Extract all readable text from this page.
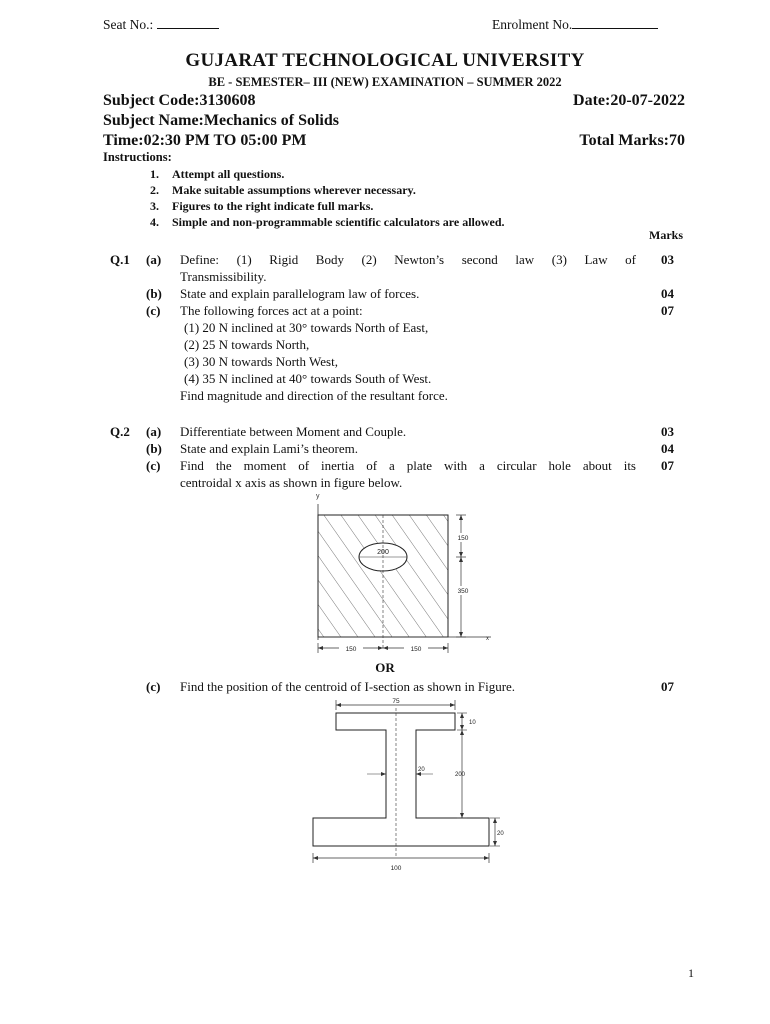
Seat No.:	Enrolment No.
GUJARAT TECHNOLOGICAL UNIVERSITY
BE - SEMESTER– III (NEW) EXAMINATION – SUMMER 2022
Subject Code:3130608	Date:20-07-2022
Subject Name:Mechanics of Solids
Time:02:30 PM TO 05:00 PM	Total Marks:70
Instructions:
1. Attempt all questions.
2. Make suitable assumptions wherever necessary.
3. Figures to the right indicate full marks.
4. Simple and non-programmable scientific calculators are allowed.
Marks
Q.1 (a) Define: (1) Rigid Body (2) Newton’s second law (3) Law of
Transmissibility.
03
(b) State and explain parallelogram law of forces.	04
(c) The following forces act at a point:	07
(1) 20 N inclined at 30° towards North of East,
(2) 25 N towards North,
(3) 30 N towards North West,
(4) 35 N inclined at 40° towards South of West.
Find magnitude and direction of the resultant force.
Q.2 (a) Differentiate between Moment and Couple.	03
(b) State and explain Lami’s theorem.	04
(c) Find the moment of inertia of a plate with a circular hole about its
centroidal x axis as shown in figure below.
07
y
200
x
150
350
150	150
OR
(c) Find the position of the centroid of I-section as shown in Figure.	07
75
20
10
200
20
100
1
